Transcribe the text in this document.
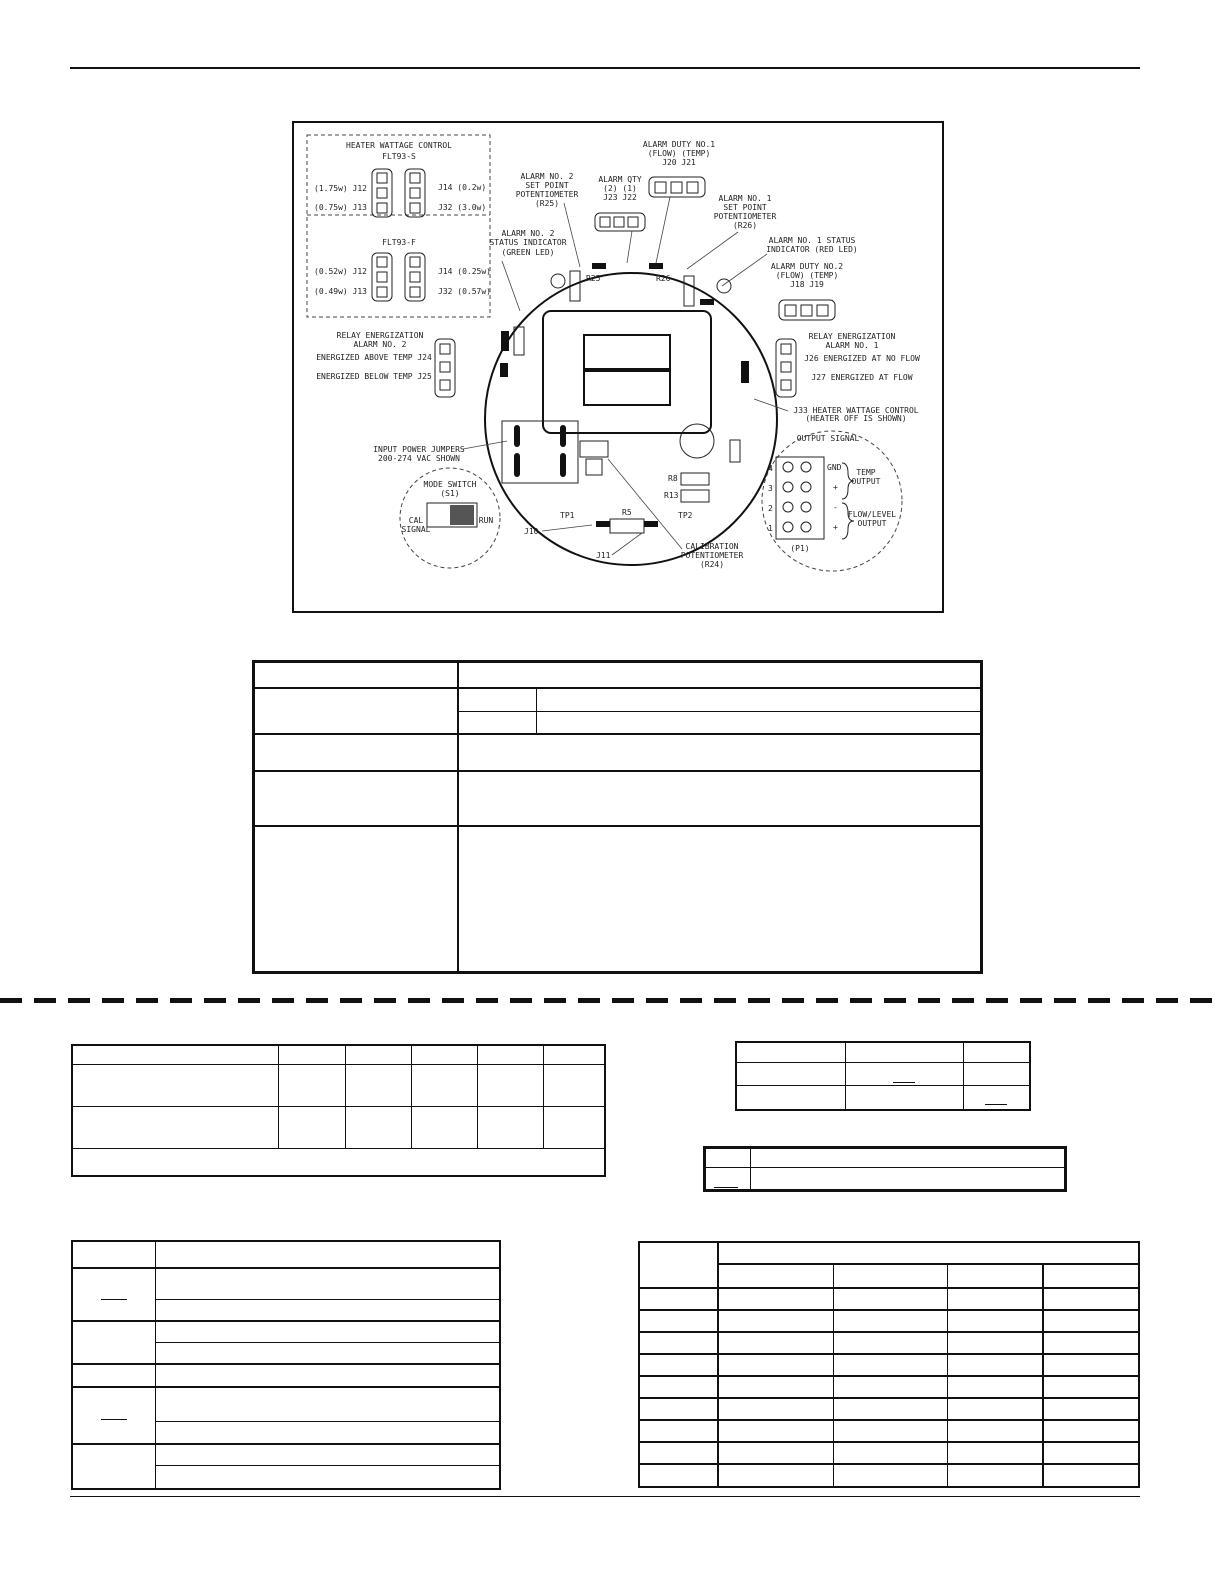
HEATER WATTAGE CONTROL
FLT93-S
FLT93-F
(1.75w) J12
(0.75w) J13
J14 (0.2w)
J32 (3.0w)
(0.52w) J12
(0.49w) J13
J14 (0.25w)
J32 (0.57w)
ALARM NO. 2
SET POINT
POTENTIOMETER
(R25)
ALARM QTY
(2) (1)
J23 J22
ALARM DUTY NO.1
(FLOW) (TEMP)
J20 J21
ALARM NO. 1
SET POINT
POTENTIOMETER
(R26)
ALARM NO. 2
STATUS INDICATOR
(GREEN LED)
ALARM NO. 1 STATUS
INDICATOR (RED LED)
ALARM DUTY NO.2
(FLOW) (TEMP)
J18 J19
R25	R26
RELAY ENERGIZATION
ALARM NO. 2
ENERGIZED ABOVE TEMP J24
ENERGIZED BELOW TEMP J25
RELAY ENERGIZATION
ALARM NO. 1
J26 ENERGIZED AT NO FLOW
J27 ENERGIZED AT FLOW
J33 HEATER WATTAGE CONTROL
(HEATER OFF IS SHOWN)
INPUT POWER JUMPERS
200-274 VAC SHOWN
MODE SWITCH
(S1)
CAL
SIGNAL
RUN
OUTPUT SIGNAL
4
3
2
1
GND
+
-
+
TEMP
OUTPUT
FLOW/LEVEL
OUTPUT
(P1)
R8
R13
R5
TP1	TP2
J10
J11
CALIBRATION
POTENTIOMETER
(R24)
